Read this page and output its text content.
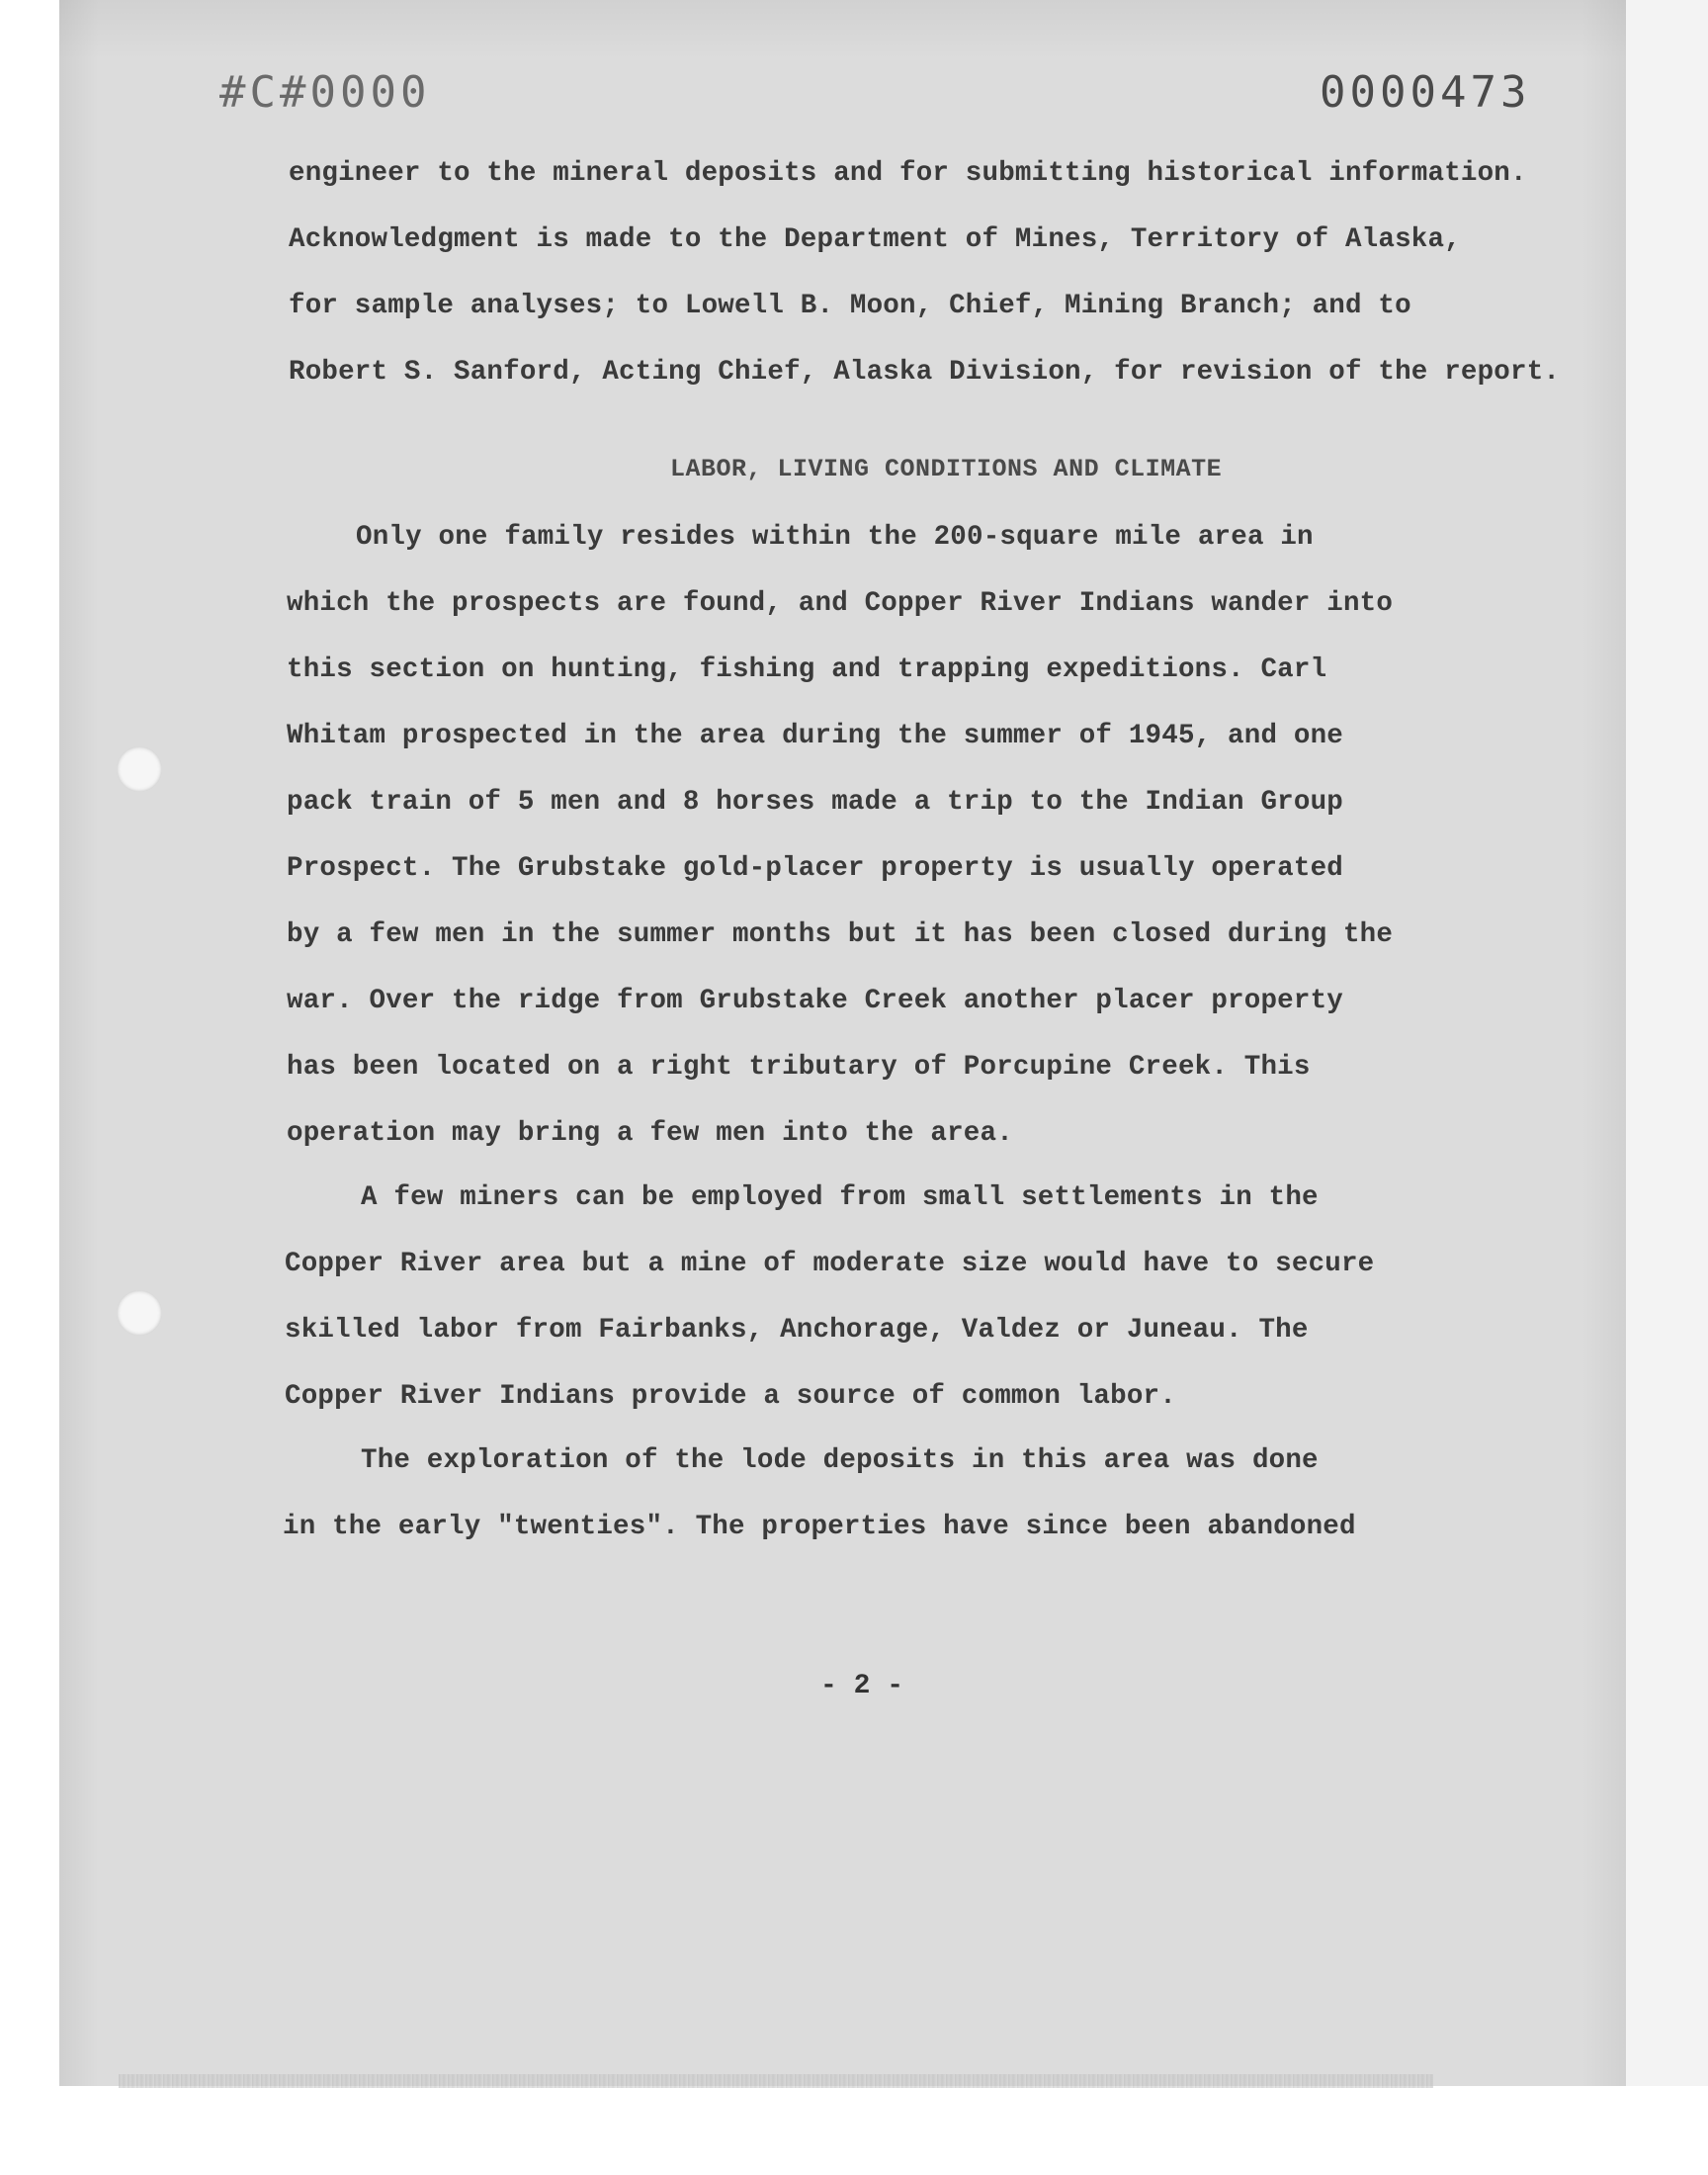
#C#0000	0000473
engineer to the mineral deposits and for submitting historical information.
Acknowledgment is made to the Department of Mines, Territory of Alaska,
for sample analyses; to Lowell B. Moon, Chief, Mining Branch; and to
Robert S. Sanford, Acting Chief, Alaska Division, for revision of the report.
LABOR, LIVING CONDITIONS AND CLIMATE
Only one family resides within the 200-square mile area in
which the prospects are found, and Copper River Indians wander into
this section on hunting, fishing and trapping expeditions. Carl
Whitam prospected in the area during the summer of 1945, and one
pack train of 5 men and 8 horses made a trip to the Indian Group
Prospect. The Grubstake gold-placer property is usually operated
by a few men in the summer months but it has been closed during the
war. Over the ridge from Grubstake Creek another placer property
has been located on a right tributary of Porcupine Creek. This
operation may bring a few men into the area.
A few miners can be employed from small settlements in the
Copper River area but a mine of moderate size would have to secure
skilled labor from Fairbanks, Anchorage, Valdez or Juneau. The
Copper River Indians provide a source of common labor.
The exploration of the lode deposits in this area was done
in the early "twenties". The properties have since been abandoned
- 2 -
